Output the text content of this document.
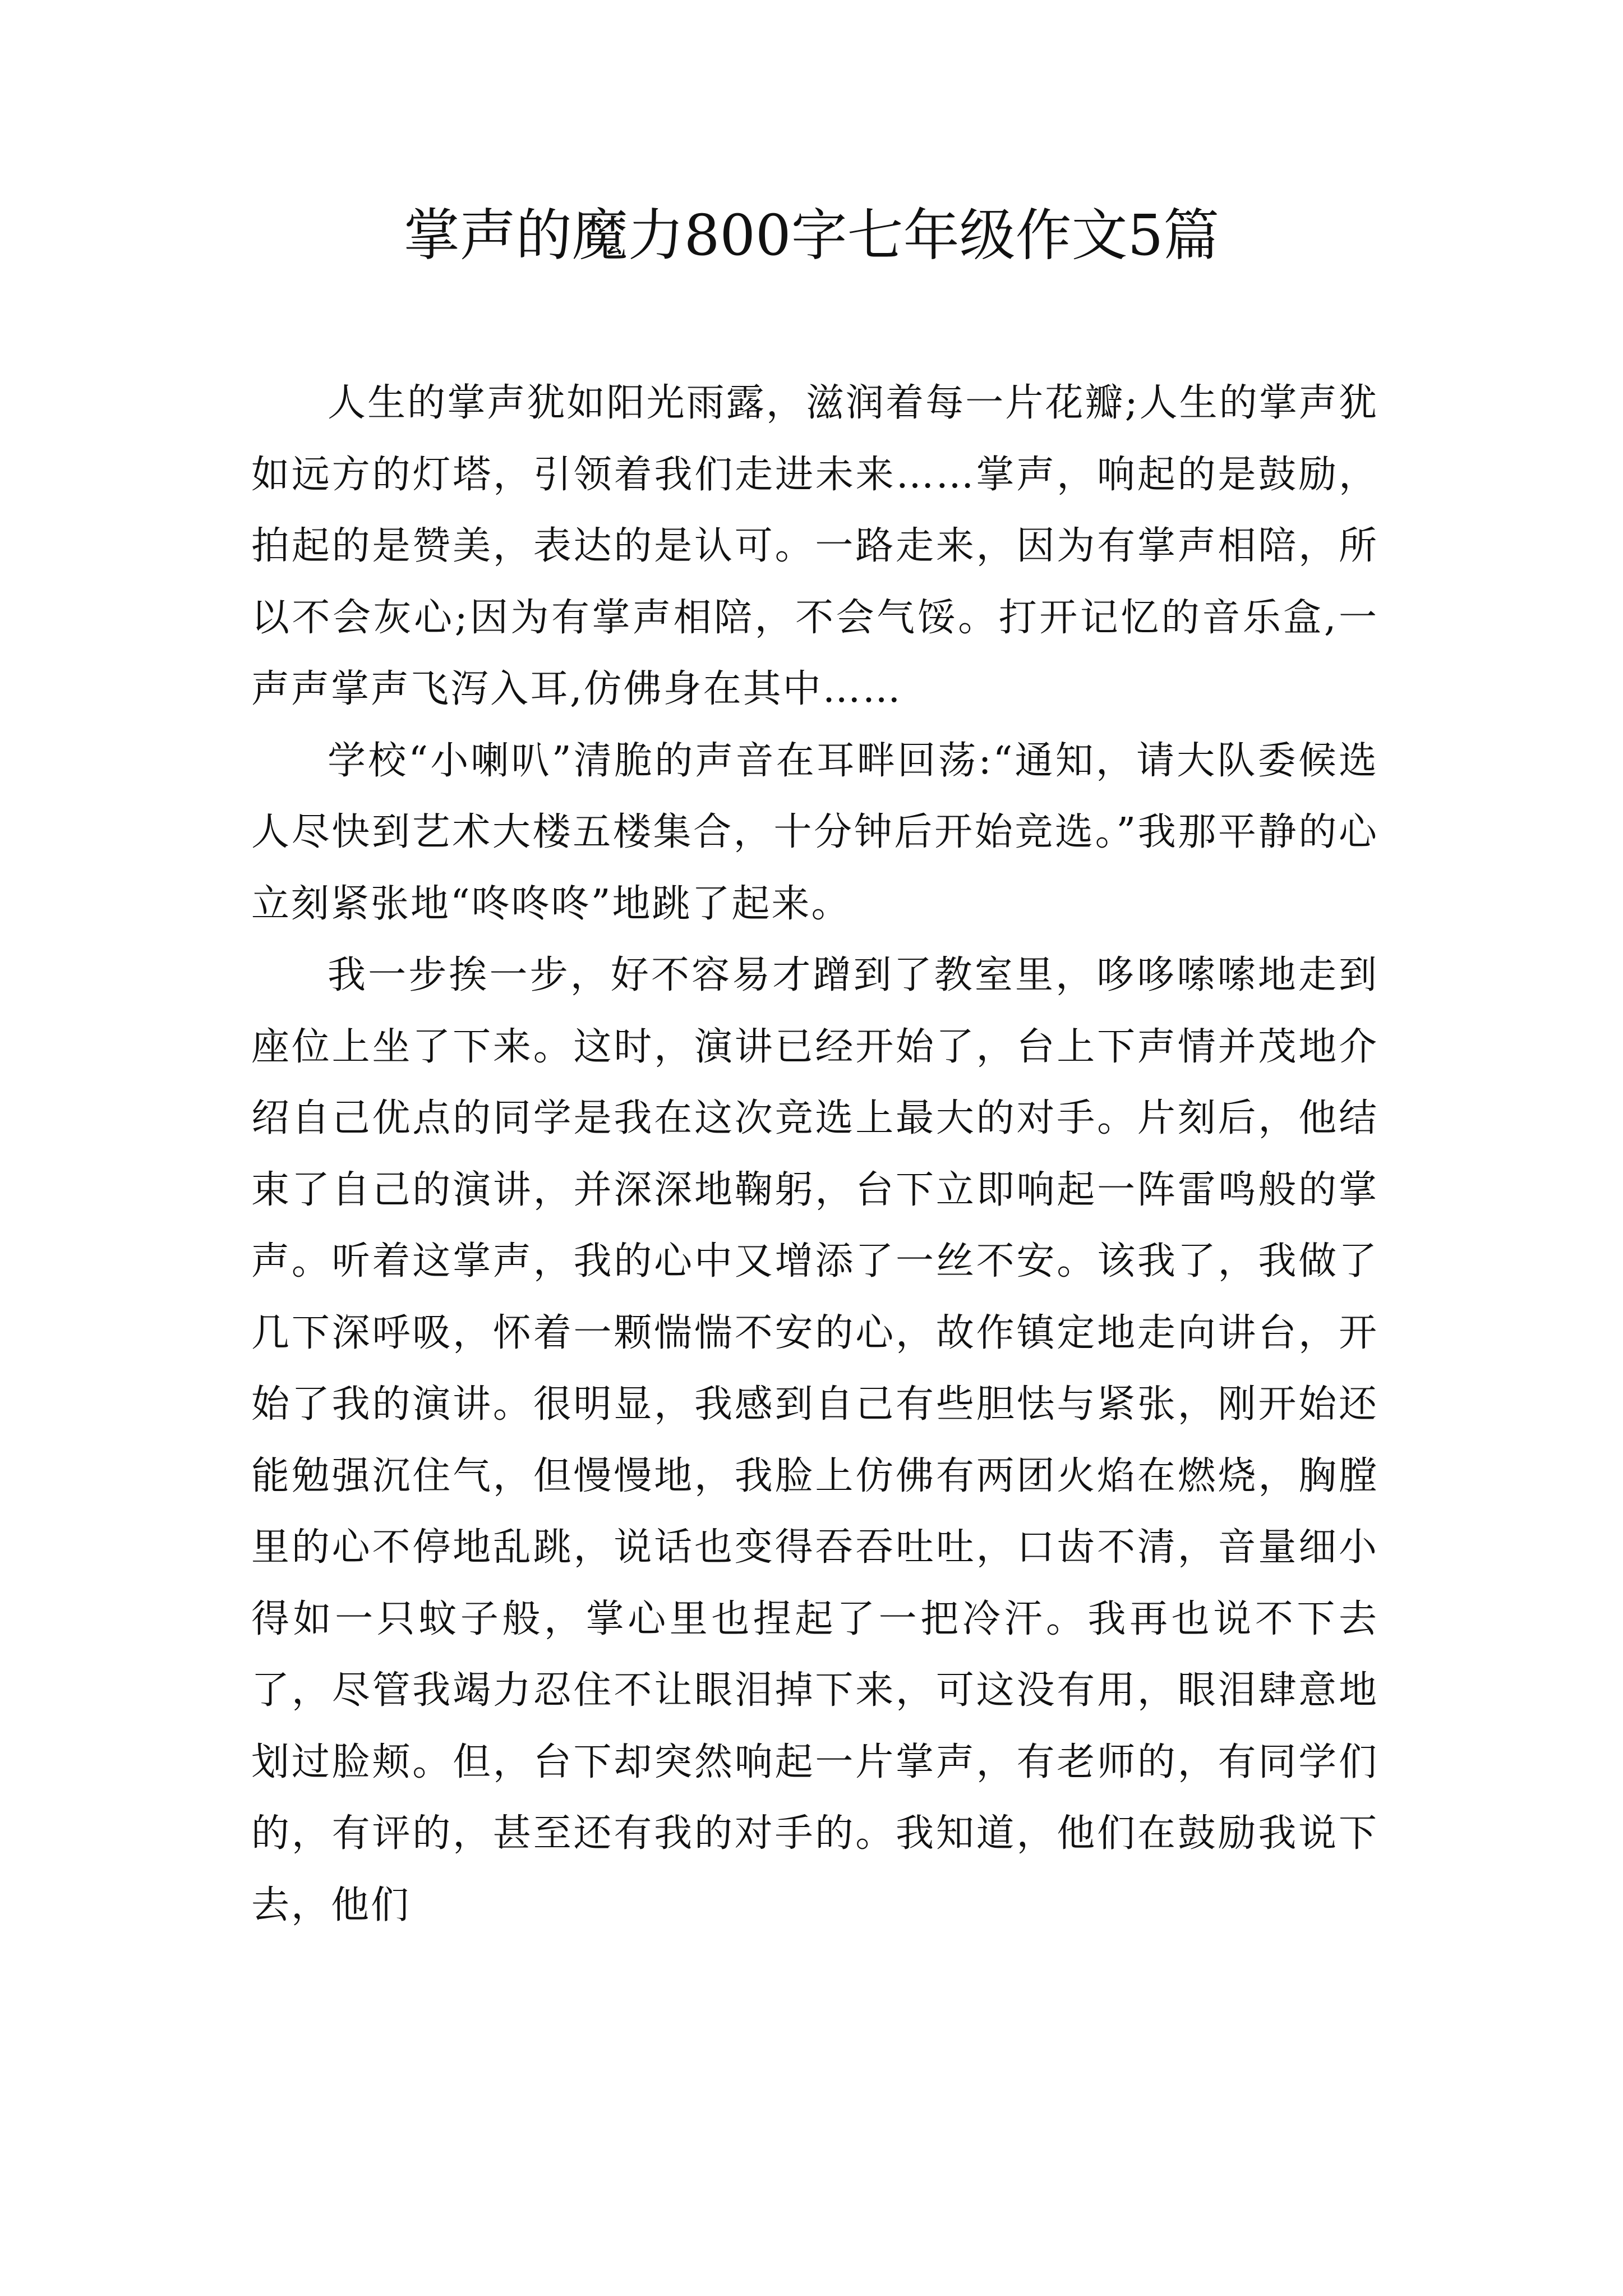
掌声的魔力800字七年级作文5篇

人生的掌声犹如阳光雨露，滋润着每一片花瓣;人生的掌声犹如远方的灯塔，引领着我们走进未来……掌声，响起的是鼓励，拍起的是赞美，表达的是认可。一路走来，因为有掌声相陪，所以不会灰心;因为有掌声相陪，不会气馁。打开记忆的音乐盒,一声声掌声飞泻入耳,仿佛身在其中……

学校“小喇叭”清脆的声音在耳畔回荡:“通知，请大队委候选人尽快到艺术大楼五楼集合，十分钟后开始竞选。”我那平静的心立刻紧张地“咚咚咚”地跳了起来。

我一步挨一步，好不容易才蹭到了教室里，哆哆嗦嗦地走到座位上坐了下来。这时，演讲已经开始了，台上下声情并茂地介绍自己优点的同学是我在这次竞选上最大的对手。片刻后，他结束了自己的演讲，并深深地鞠躬，台下立即响起一阵雷鸣般的掌声。听着这掌声，我的心中又增添了一丝不安。该我了，我做了几下深呼吸，怀着一颗惴惴不安的心，故作镇定地走向讲台，开始了我的演讲。很明显，我感到自己有些胆怯与紧张，刚开始还能勉强沉住气，但慢慢地，我脸上仿佛有两团火焰在燃烧，胸膛里的心不停地乱跳，说话也变得吞吞吐吐，口齿不清，音量细小得如一只蚊子般，掌心里也捏起了一把冷汗。我再也说不下去了，尽管我竭力忍住不让眼泪掉下来，可这没有用，眼泪肆意地划过脸颊。但，台下却突然响起一片掌声，有老师的，有同学们的，有评的，甚至还有我的对手的。我知道，他们在鼓励我说下去，他们
